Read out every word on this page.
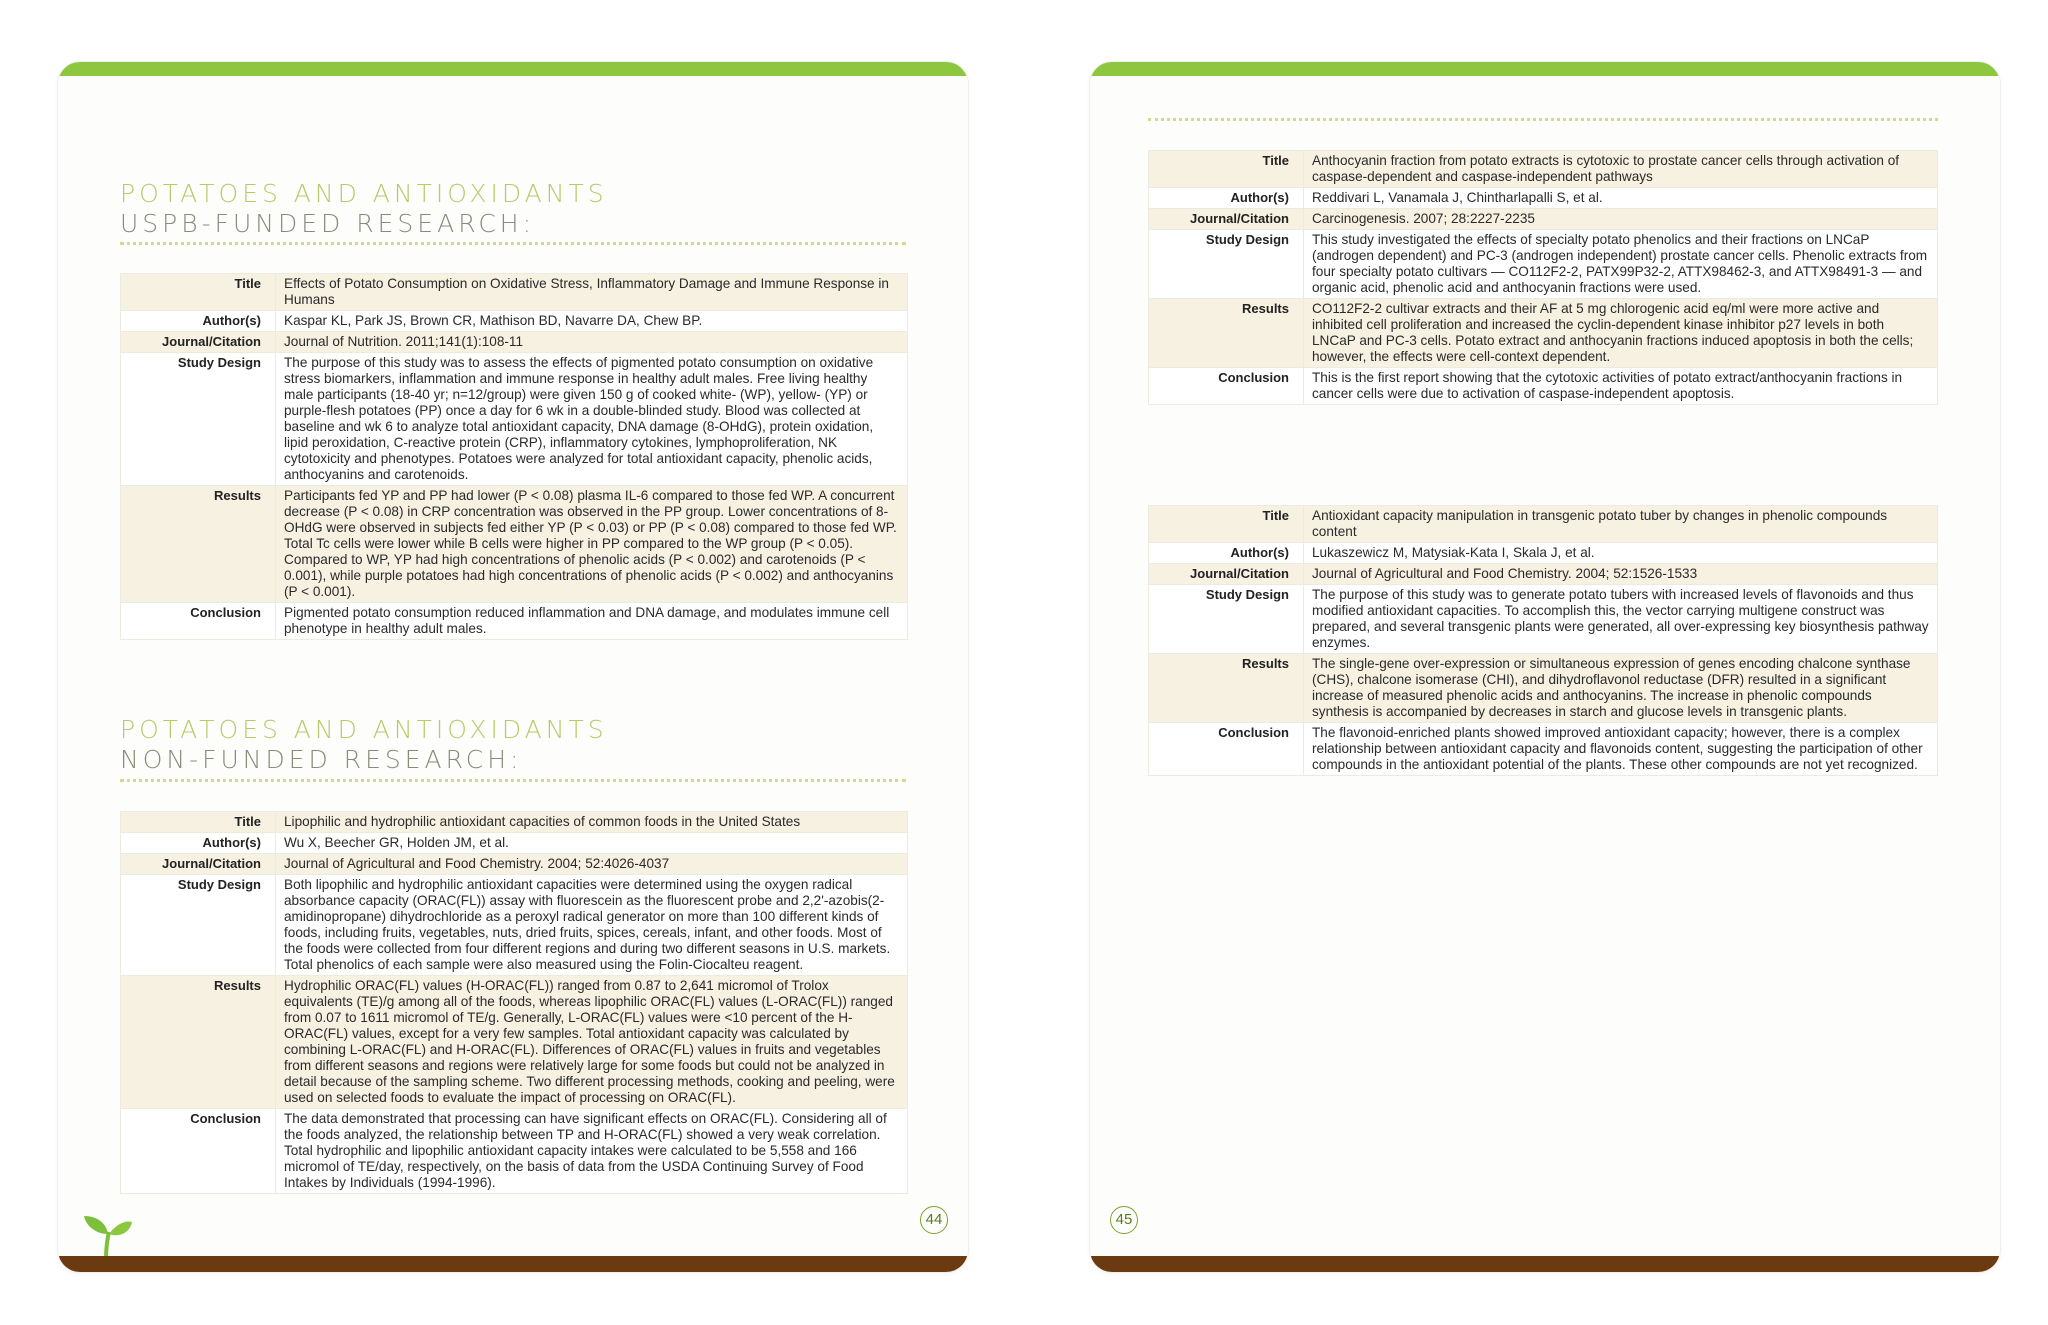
POTATOES AND ANTIOXIDANTS
USPB-FUNDED RESEARCH:
Title	Effects of Potato Consumption on Oxidative Stress, Inflammatory Damage and Immune Response in Humans
Author(s)	Kaspar KL, Park JS, Brown CR, Mathison BD, Navarre DA, Chew BP.
Journal/Citation	Journal of Nutrition. 2011;141(1):108-11
Study Design	The purpose of this study was to assess the effects of pigmented potato consumption on oxidative stress biomarkers, inflammation and immune response in healthy adult males. Free living healthy male participants (18-40 yr; n=12/group) were given 150 g of cooked white- (WP), yellow- (YP) or purple-flesh potatoes (PP) once a day for 6 wk in a double-blinded study. Blood was collected at baseline and wk 6 to analyze total antioxidant capacity, DNA damage (8-OHdG), protein oxidation, lipid peroxidation, C-reactive protein (CRP), inflammatory cytokines, lymphoproliferation, NK cytotoxicity and phenotypes. Potatoes were analyzed for total antioxidant capacity, phenolic acids, anthocyanins and carotenoids.
Results	Participants fed YP and PP had lower (P < 0.08) plasma IL-6 compared to those fed WP. A concurrent decrease (P < 0.08) in CRP concentration was observed in the PP group. Lower concentrations of 8-OHdG were observed in subjects fed either YP (P < 0.03) or PP (P < 0.08) compared to those fed WP. Total Tc cells were lower while B cells were higher in PP compared to the WP group (P < 0.05). Compared to WP, YP had high concentrations of phenolic acids (P < 0.002) and carotenoids (P < 0.001), while purple potatoes had high concentrations of phenolic acids (P < 0.002) and anthocyanins (P < 0.001).
Conclusion	Pigmented potato consumption reduced inflammation and DNA damage, and modulates immune cell phenotype in healthy adult males.
POTATOES AND ANTIOXIDANTS
NON-FUNDED RESEARCH:
Title	Lipophilic and hydrophilic antioxidant capacities of common foods in the United States
Author(s)	Wu X, Beecher GR, Holden JM, et al.
Journal/Citation	Journal of Agricultural and Food Chemistry. 2004; 52:4026-4037
Study Design	Both lipophilic and hydrophilic antioxidant capacities were determined using the oxygen radical absorbance capacity (ORAC(FL)) assay with fluorescein as the fluorescent probe and 2,2'-azobis(2-amidinopropane) dihydrochloride as a peroxyl radical generator on more than 100 different kinds of foods, including fruits, vegetables, nuts, dried fruits, spices, cereals, infant, and other foods. Most of the foods were collected from four different regions and during two different seasons in U.S. markets. Total phenolics of each sample were also measured using the Folin-Ciocalteu reagent.
Results	Hydrophilic ORAC(FL) values (H-ORAC(FL)) ranged from 0.87 to 2,641 micromol of Trolox equivalents (TE)/g among all of the foods, whereas lipophilic ORAC(FL) values (L-ORAC(FL)) ranged from 0.07 to 1611 micromol of TE/g. Generally, L-ORAC(FL) values were <10 percent of the H-ORAC(FL) values, except for a very few samples. Total antioxidant capacity was calculated by combining L-ORAC(FL) and H-ORAC(FL). Differences of ORAC(FL) values in fruits and vegetables from different seasons and regions were relatively large for some foods but could not be analyzed in detail because of the sampling scheme. Two different processing methods, cooking and peeling, were used on selected foods to evaluate the impact of processing on ORAC(FL).
Conclusion	The data demonstrated that processing can have significant effects on ORAC(FL). Considering all of the foods analyzed, the relationship between TP and H-ORAC(FL) showed a very weak correlation. Total hydrophilic and lipophilic antioxidant capacity intakes were calculated to be 5,558 and 166 micromol of TE/day, respectively, on the basis of data from the USDA Continuing Survey of Food Intakes by Individuals (1994-1996).
44
Title	Anthocyanin fraction from potato extracts is cytotoxic to prostate cancer cells through activation of caspase-dependent and caspase-independent pathways
Author(s)	Reddivari L, Vanamala J, Chintharlapalli S, et al.
Journal/Citation	Carcinogenesis. 2007; 28:2227-2235
Study Design	This study investigated the effects of specialty potato phenolics and their fractions on LNCaP (androgen dependent) and PC-3 (androgen independent) prostate cancer cells. Phenolic extracts from four specialty potato cultivars — CO112F2-2, PATX99P32-2, ATTX98462-3, and ATTX98491-3 — and organic acid, phenolic acid and anthocyanin fractions were used.
Results	CO112F2-2 cultivar extracts and their AF at 5 mg chlorogenic acid eq/ml were more active and inhibited cell proliferation and increased the cyclin-dependent kinase inhibitor p27 levels in both LNCaP and PC-3 cells. Potato extract and anthocyanin fractions induced apoptosis in both the cells; however, the effects were cell-context dependent.
Conclusion	This is the first report showing that the cytotoxic activities of potato extract/anthocyanin fractions in cancer cells were due to activation of caspase-independent apoptosis.
Title	Antioxidant capacity manipulation in transgenic potato tuber by changes in phenolic compounds content
Author(s)	Lukaszewicz M, Matysiak-Kata I, Skala J, et al.
Journal/Citation	Journal of Agricultural and Food Chemistry. 2004; 52:1526-1533
Study Design	The purpose of this study was to generate potato tubers with increased levels of flavonoids and thus modified antioxidant capacities. To accomplish this, the vector carrying multigene construct was prepared, and several transgenic plants were generated, all over-expressing key biosynthesis pathway enzymes.
Results	The single-gene over-expression or simultaneous expression of genes encoding chalcone synthase (CHS), chalcone isomerase (CHI), and dihydroflavonol reductase (DFR) resulted in a significant increase of measured phenolic acids and anthocyanins. The increase in phenolic compounds synthesis is accompanied by decreases in starch and glucose levels in transgenic plants.
Conclusion	The flavonoid-enriched plants showed improved antioxidant capacity; however, there is a complex relationship between antioxidant capacity and flavonoids content, suggesting the participation of other compounds in the antioxidant potential of the plants. These other compounds are not yet recognized.
45
